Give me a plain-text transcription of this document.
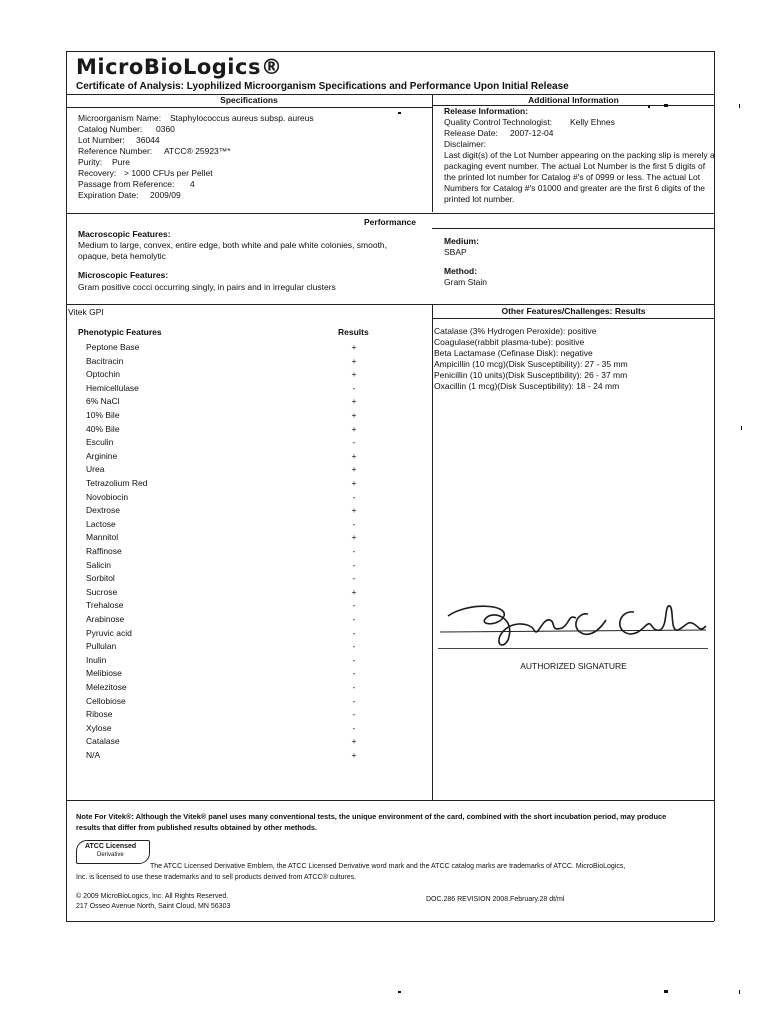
MicroBioLogics®
Certificate of Analysis: Lyophilized Microorganism Specifications and Performance Upon Initial Release
Specifications
Microorganism Name: Staphylococcus aureus subsp. aureus
Catalog Number: 0360
Lot Number: 36044
Reference Number: ATCC® 25923™*
Purity: Pure
Recovery: > 1000 CFUs per Pellet
Passage from Reference: 4
Expiration Date: 2009/09
Additional Information
Release Information:
Quality Control Technologist: Kelly Ehnes
Release Date: 2007-12-04
Disclaimer:
Last digit(s) of the Lot Number appearing on the packing slip is merely a packaging event number. The actual Lot Number is the first 5 digits of the printed lot number for Catalog #'s of 0999 or less. The actual Lot Numbers for Catalog #'s 01000 and greater are the first 6 digits of the printed lot number.
Performance
Macroscopic Features:
Medium to large, convex, entire edge, both white and pale white colonies, smooth,
opaque, beta hemolytic
Microscopic Features:
Gram positive cocci occurring singly, in pairs and in irregular clusters
Medium:
SBAP
Method:
Gram Stain
Vitek GPI
Phenotypic Features	Results
Peptone Base	+
Bacitracin	+
Optochin	+
Hemicellulase	-
6% NaCl	+
10% Bile	+
40% Bile	+
Esculin	-
Arginine	+
Urea	+
Tetrazolium Red	+
Novobiocin	-
Dextrose	+
Lactose	-
Mannitol	+
Raffinose	-
Salicin	-
Sorbitol	-
Sucrose	+
Trehalose	-
Arabinose	-
Pyruvic acid	-
Pullulan	-
Inulin	-
Melibiose	-
Melezitose	-
Cellobiose	-
Ribose	-
Xylose	-
Catalase	+
N/A	+
Other Features/Challenges: Results
Catalase (3% Hydrogen Peroxide): positive
Coagulase(rabbit plasma-tube): positive
Beta Lactamase (Cefinase Disk): negative
Ampicillin (10 mcg)(Disk Susceptibility): 27 - 35 mm
Penicillin (10 units)(Disk Susceptibility): 26 - 37 mm
Oxacillin (1 mcg)(Disk Susceptibility): 18 - 24 mm
AUTHORIZED SIGNATURE
Note For Vitek®: Although the Vitek® panel uses many conventional tests, the unique environment of the card, combined with the short incubation period, may produce
results that differ from published results obtained by other methods.
ATCC Licensed
Derivative
The ATCC Licensed Derivative Emblem, the ATCC Licensed Derivative word mark and the ATCC catalog marks are trademarks of ATCC. MicroBioLogics,
Inc. is licensed to use these trademarks and to sell products derived from ATCC® cultures.
© 2009 MicroBioLogics, Inc. All Rights Reserved.
217 Osseo Avenue North, Saint Cloud, MN 56303
DOC.286 REVISION 2008.February.28 dt/ml
